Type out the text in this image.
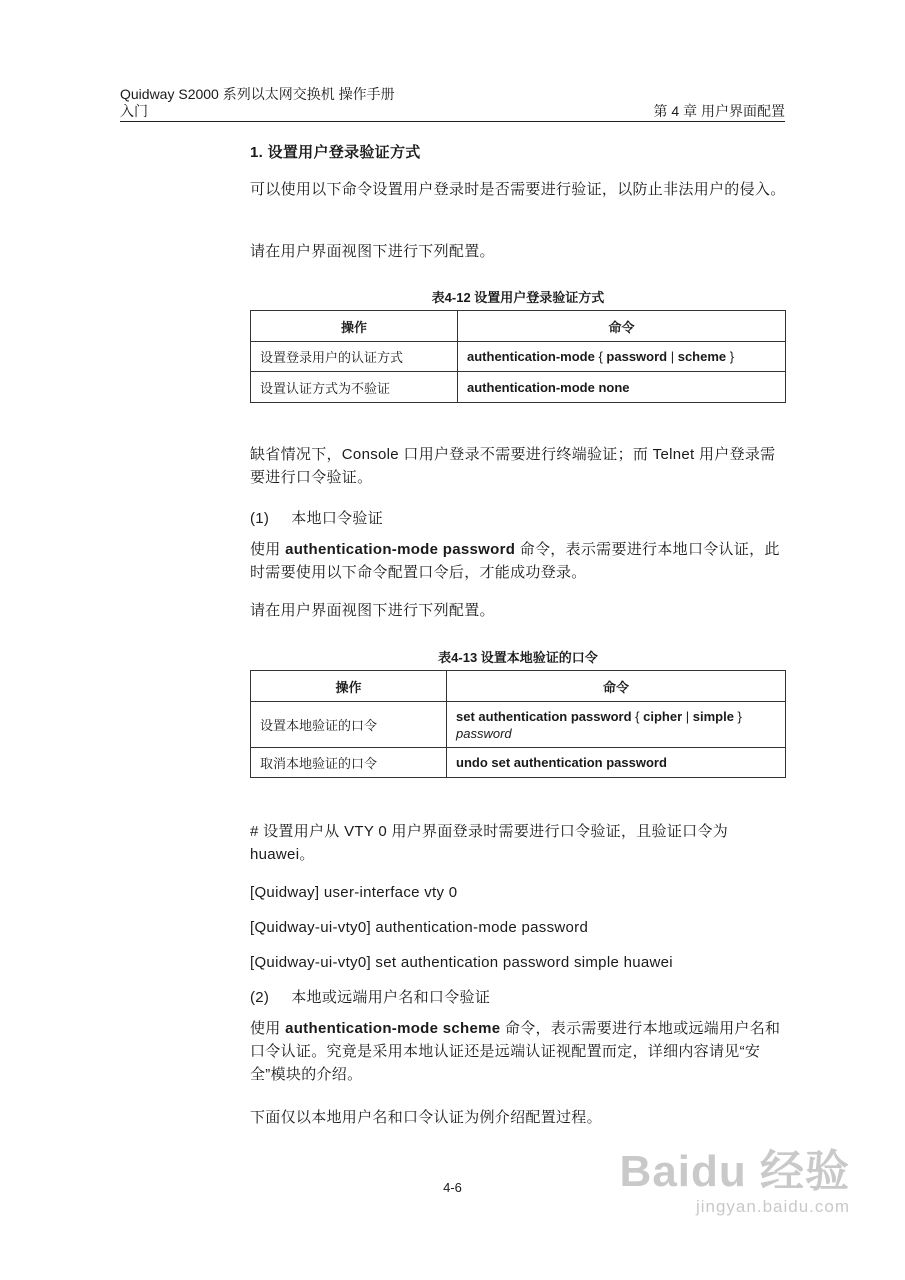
Quidway S2000 系列以太网交换机 操作手册
入门	第 4 章 用户界面配置
1. 设置用户登录验证方式
可以使用以下命令设置用户登录时是否需要进行验证，以防止非法用户的侵入。
请在用户界面视图下进行下列配置。
表4-12 设置用户登录验证方式
操作	命令
设置登录用户的认证方式	authentication-mode { password | scheme }
设置认证方式为不验证	authentication-mode none
缺省情况下，Console 口用户登录不需要进行终端验证；而 Telnet 用户登录需要进行口令验证。
(1) 本地口令验证
使用 authentication-mode password 命令，表示需要进行本地口令认证，此时需要使用以下命令配置口令后，才能成功登录。
请在用户界面视图下进行下列配置。
表4-13 设置本地验证的口令
操作	命令
设置本地验证的口令	set authentication password { cipher | simple }
password
取消本地验证的口令	undo set authentication password
# 设置用户从 VTY 0 用户界面登录时需要进行口令验证，且验证口令为 huawei。
[Quidway] user-interface vty 0
[Quidway-ui-vty0] authentication-mode password
[Quidway-ui-vty0] set authentication password simple huawei
(2) 本地或远端用户名和口令验证
使用 authentication-mode scheme 命令，表示需要进行本地或远端用户名和口令认证。究竟是采用本地认证还是远端认证视配置而定，详细内容请见“安全”模块的介绍。
下面仅以本地用户名和口令认证为例介绍配置过程。
4-6	Baidu 经验
jingyan.baidu.com
